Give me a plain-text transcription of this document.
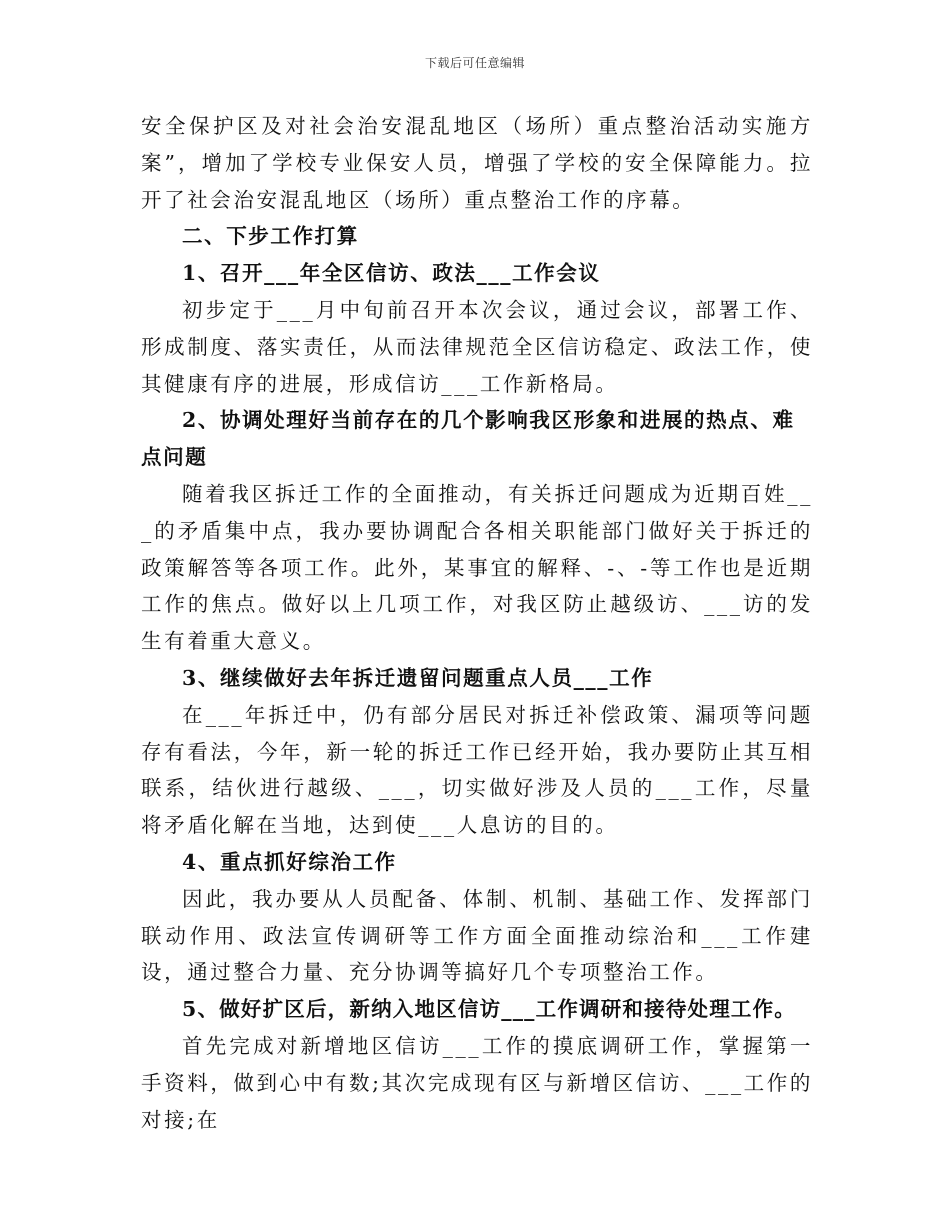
下载后可任意编辑

安全保护区及对社会治安混乱地区（场所）重点整治活动实施方案”，增加了学校专业保安人员，增强了学校的安全保障能力。拉开了社会治安混乱地区（场所）重点整治工作的序幕。

二、下步工作打算

1、召开___年全区信访、政法___工作会议

初步定于___月中旬前召开本次会议，通过会议，部署工作、形成制度、落实责任，从而法律规范全区信访稳定、政法工作，使其健康有序的进展，形成信访___工作新格局。

2、协调处理好当前存在的几个影响我区形象和进展的热点、难点问题

随着我区拆迁工作的全面推动，有关拆迁问题成为近期百姓___的矛盾集中点，我办要协调配合各相关职能部门做好关于拆迁的政策解答等各项工作。此外，某事宜的解释、-、-等工作也是近期工作的焦点。做好以上几项工作，对我区防止越级访、___访的发生有着重大意义。

3、继续做好去年拆迁遗留问题重点人员___工作

在___年拆迁中，仍有部分居民对拆迁补偿政策、漏项等问题存有看法，今年，新一轮的拆迁工作已经开始，我办要防止其互相联系，结伙进行越级、___，切实做好涉及人员的___工作，尽量将矛盾化解在当地，达到使___人息访的目的。

4、重点抓好综治工作

因此，我办要从人员配备、体制、机制、基础工作、发挥部门联动作用、政法宣传调研等工作方面全面推动综治和___工作建设，通过整合力量、充分协调等搞好几个专项整治工作。

5、做好扩区后，新纳入地区信访___工作调研和接待处理工作。

首先完成对新增地区信访___工作的摸底调研工作，掌握第一手资料，做到心中有数;其次完成现有区与新增区信访、___工作的对接;在
